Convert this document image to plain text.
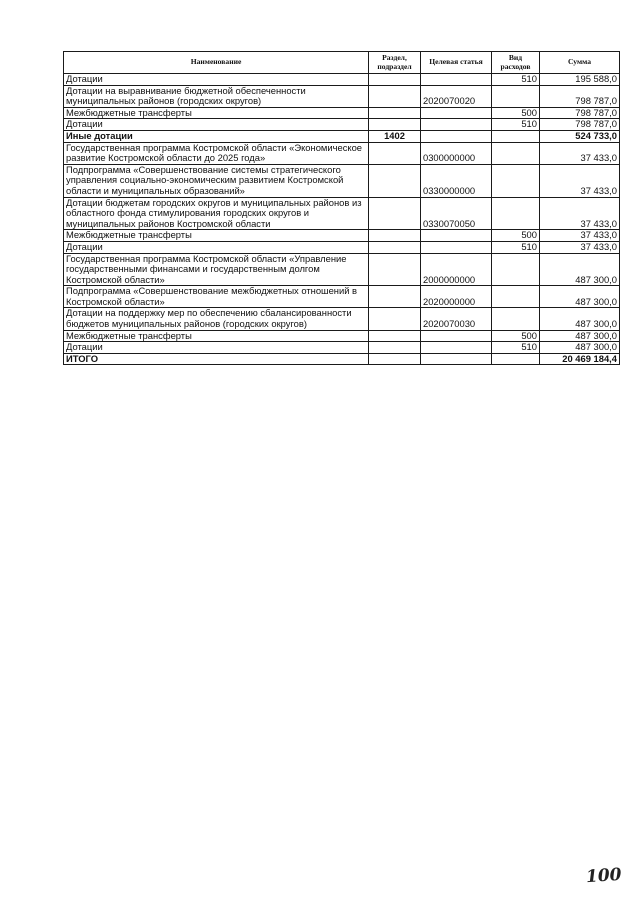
Наименование	Раздел, подраздел	Целевая статья	Вид расходов	Сумма
Дотации			510	195 588,0
Дотации на выравнивание бюджетной обеспеченности муниципальных районов (городских округов)		2020070020		798 787,0
Межбюджетные трансферты			500	798 787,0
Дотации			510	798 787,0
Иные дотации	1402			524 733,0
Государственная программа Костромской области «Экономическое развитие Костромской области до 2025 года»		0300000000		37 433,0
Подпрограмма «Совершенствование системы стратегического управления социально-экономическим развитием Костромской области и муниципальных образований»		0330000000		37 433,0
Дотации бюджетам городских округов и муниципальных районов из областного фонда стимулирования городских округов и муниципальных районов Костромской области		0330070050		37 433,0
Межбюджетные трансферты			500	37 433,0
Дотации			510	37 433,0
Государственная программа Костромской области «Управление государственными финансами и государственным долгом Костромской области»		2000000000		487 300,0
Подпрограмма «Совершенствование межбюджетных отношений в Костромской области»		2020000000		487 300,0
Дотации на поддержку мер по обеспечению сбалансированности бюджетов муниципальных районов (городских округов)		2020070030		487 300,0
Межбюджетные трансферты			500	487 300,0
Дотации			510	487 300,0
ИТОГО				20 469 184,4
100
